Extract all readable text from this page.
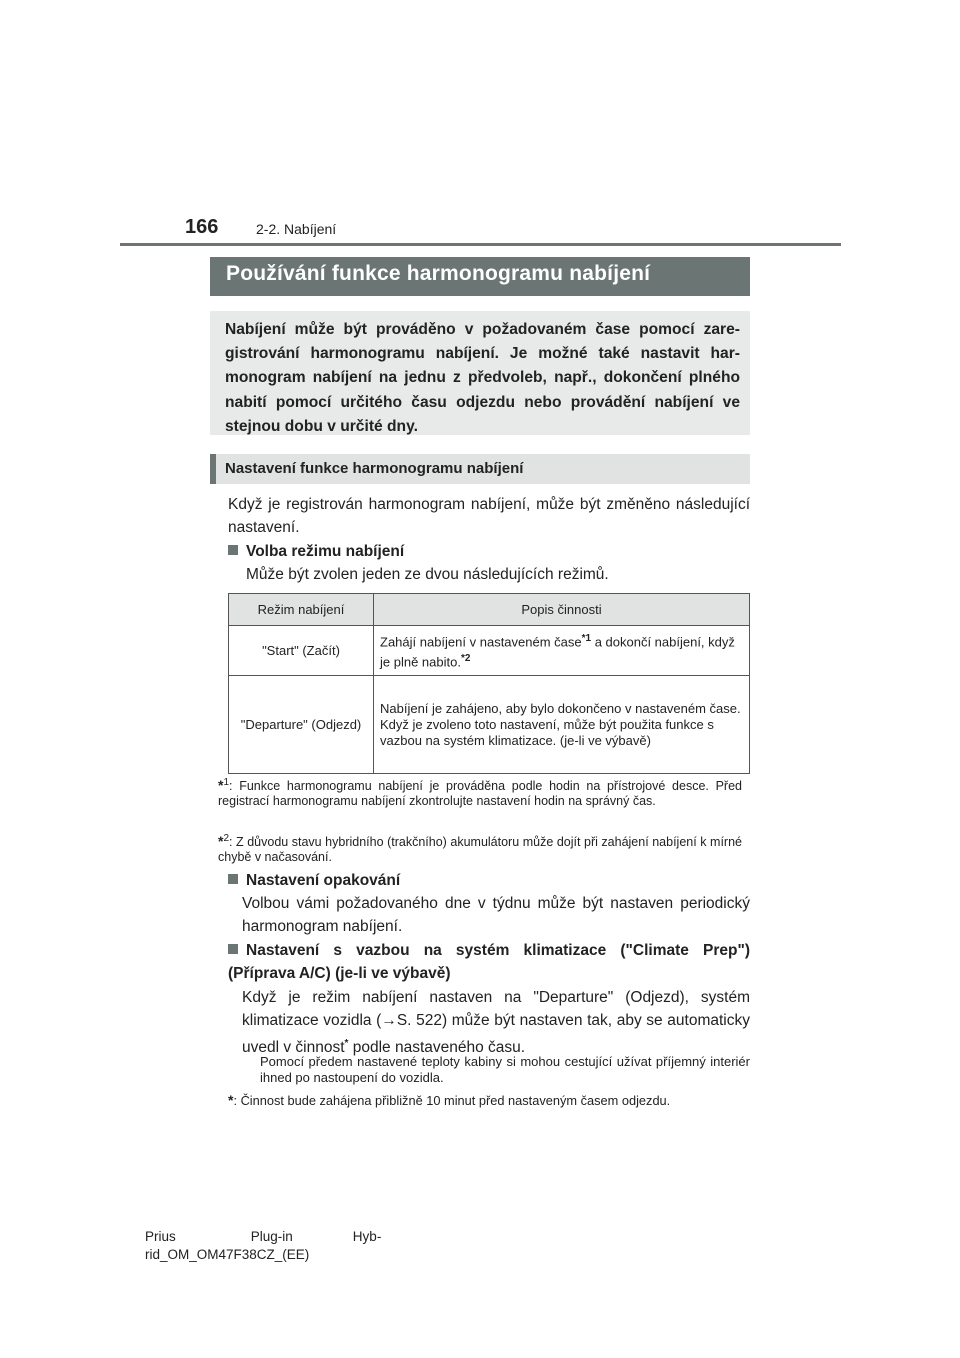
166	2-2. Nabíjení
Používání funkce harmonogramu nabíjení
Nabíjení může být prováděno v požadovaném čase pomocí zaregistrování harmonogramu nabíjení. Je možné také nastavit harmonogram nabíjení na jednu z předvoleb, např., dokončení plného nabití pomocí určitého času odjezdu nebo provádění nabíjení ve stejnou dobu v určité dny.
Nastavení funkce harmonogramu nabíjení
Když je registrován harmonogram nabíjení, může být změněno následující nastavení.
Volba režimu nabíjení
Může být zvolen jeden ze dvou následujících režimů.
Režim nabíjení	Popis činnosti
"Start" (Začít)	Zahájí nabíjení v nastaveném čase$^{*1}$ a dokončí nabíjení, když je plně nabito.$^{*2}$
"Departure" (Odjezd)	Nabíjení je zahájeno, aby bylo dokončeno v nastaveném čase.
Když je zvoleno toto nastavení, může být použita funkce s vazbou na systém klimatizace. (je-li ve výbavě)
*$^1$: Funkce harmonogramu nabíjení je prováděna podle hodin na přístrojové desce. Před registrací harmonogramu nabíjení zkontrolujte nastavení hodin na správný čas.
*$^2$: Z důvodu stavu hybridního (trakčního) akumulátoru může dojít při zahájení nabíjení k mírné chybě v načasování.
Nastavení opakování
Volbou vámi požadovaného dne v týdnu může být nastaven periodický harmonogram nabíjení.
Nastavení s vazbou na systém klimatizace ("Climate Prep") (Příprava A/C) (je-li ve výbavě)
Když je režim nabíjení nastaven na "Departure" (Odjezd), systém klimatizace vozidla (→S. 522) může být nastaven tak, aby se automaticky uvedl v činnost* podle nastaveného času.
Pomocí předem nastavené teploty kabiny si mohou cestující užívat příjemný interiér ihned po nastoupení do vozidla.
*: Činnost bude zahájena přibližně 10 minut před nastaveným časem odjezdu.
Prius                    Plug-in                Hyb-
rid_OM_OM47F38CZ_(EE)
